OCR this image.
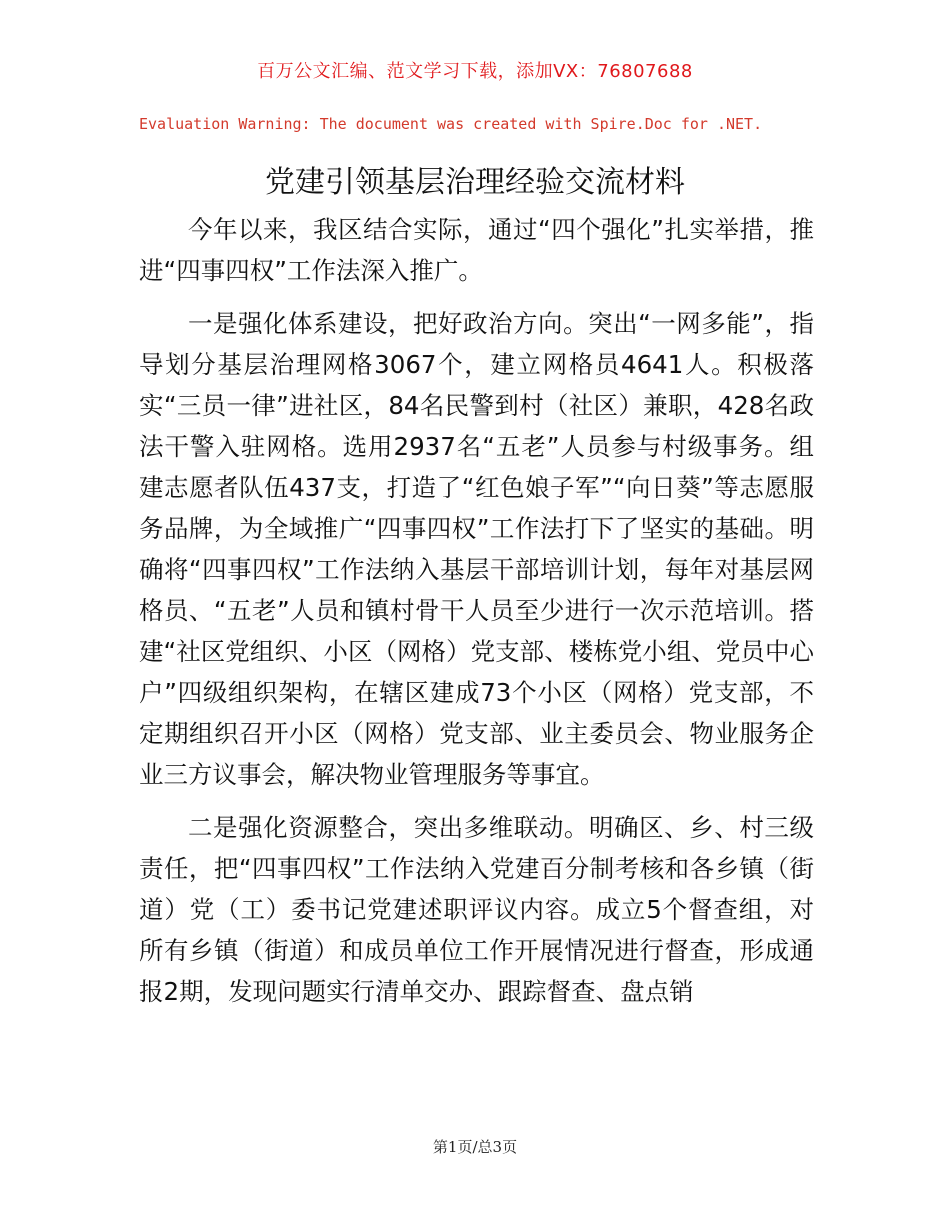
百万公文汇编、范文学习下载，添加VX：76807688
Evaluation Warning: The document was created with Spire.Doc for .NET.
党建引领基层治理经验交流材料

今年以来，我区结合实际，通过“四个强化”扎实举措，推进“四事四权”工作法深入推广。

一是强化体系建设，把好政治方向。突出“一网多能”，指导划分基层治理网格3067个，建立网格员4641人。积极落实“三员一律”进社区，84名民警到村（社区）兼职，428名政法干警入驻网格。选用2937名“五老”人员参与村级事务。组建志愿者队伍437支，打造了“红色娘子军”“向日葵”等志愿服务品牌，为全域推广“四事四权”工作法打下了坚实的基础。明确将“四事四权”工作法纳入基层干部培训计划，每年对基层网格员、“五老”人员和镇村骨干人员至少进行一次示范培训。搭建“社区党组织、小区（网格）党支部、楼栋党小组、党员中心户”四级组织架构，在辖区建成73个小区（网格）党支部，不定期组织召开小区（网格）党支部、业主委员会、物业服务企业三方议事会，解决物业管理服务等事宜。

二是强化资源整合，突出多维联动。明确区、乡、村三级责任，把“四事四权”工作法纳入党建百分制考核和各乡镇（街道）党（工）委书记党建述职评议内容。成立5个督查组，对所有乡镇（街道）和成员单位工作开展情况进行督查，形成通报2期，发现问题实行清单交办、跟踪督查、盘点销

第1页/总3页
